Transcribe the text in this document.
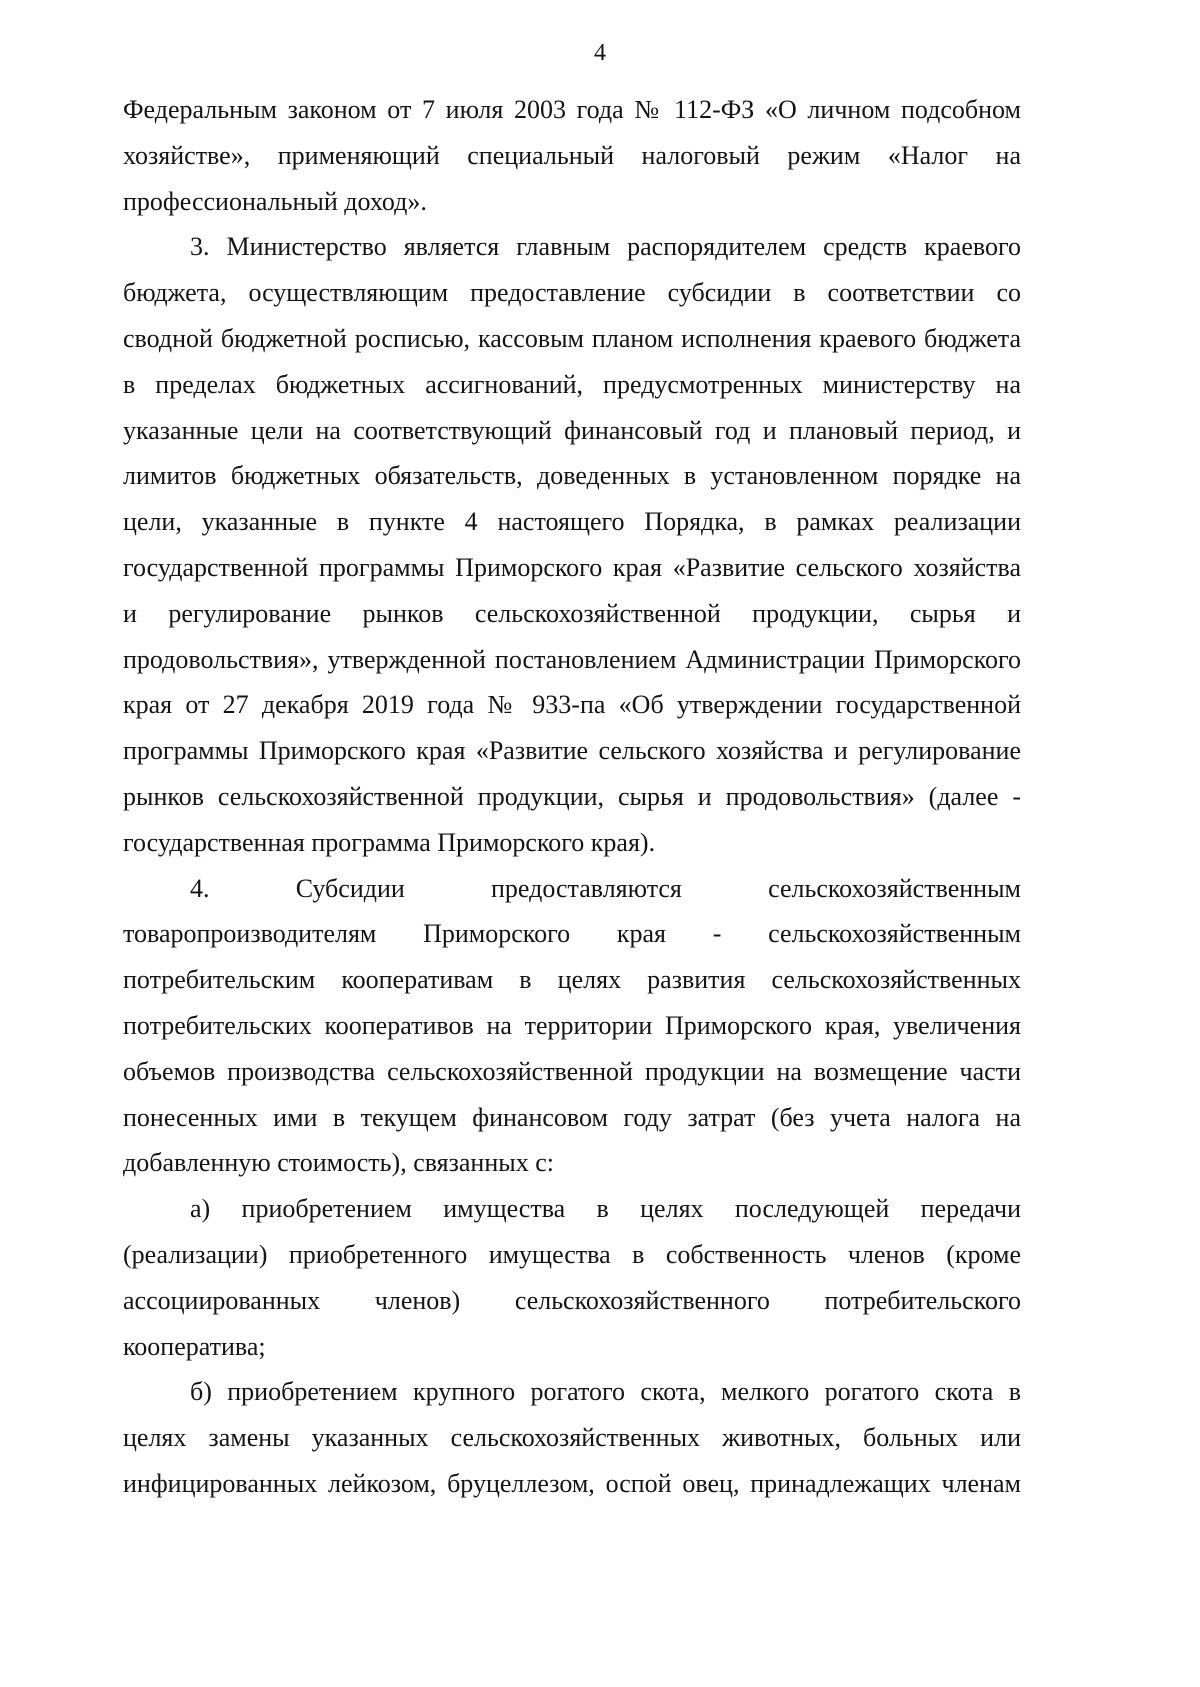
4

Федеральным законом от 7 июля 2003 года № 112-ФЗ «О личном подсобном
хозяйстве», применяющий специальный налоговый режим «Налог на
профессиональный доход».

3. Министерство является главным распорядителем средств краевого
бюджета, осуществляющим предоставление субсидии в соответствии со
сводной бюджетной росписью, кассовым планом исполнения краевого бюджета
в пределах бюджетных ассигнований, предусмотренных министерству на
указанные цели на соответствующий финансовый год и плановый период, и
лимитов бюджетных обязательств, доведенных в установленном порядке на
цели, указанные в пункте 4 настоящего Порядка, в рамках реализации
государственной программы Приморского края «Развитие сельского хозяйства
и регулирование рынков сельскохозяйственной продукции, сырья и
продовольствия», утвержденной постановлением Администрации Приморского
края от 27 декабря 2019 года № 933-па «Об утверждении государственной
программы Приморского края «Развитие сельского хозяйства и регулирование
рынков сельскохозяйственной продукции, сырья и продовольствия» (далее -
государственная программа Приморского края).

4. Субсидии предоставляются сельскохозяйственным
товаропроизводителям Приморского края - сельскохозяйственным
потребительским кооперативам в целях развития сельскохозяйственных
потребительских кооперативов на территории Приморского края, увеличения
объемов производства сельскохозяйственной продукции на возмещение части
понесенных ими в текущем финансовом году затрат (без учета налога на
добавленную стоимость), связанных с:

а) приобретением имущества в целях последующей передачи
(реализации) приобретенного имущества в собственность членов (кроме
ассоциированных членов) сельскохозяйственного потребительского
кооператива;

б) приобретением крупного рогатого скота, мелкого рогатого скота в
целях замены указанных сельскохозяйственных животных, больных или
инфицированных лейкозом, бруцеллезом, оспой овец, принадлежащих членам
